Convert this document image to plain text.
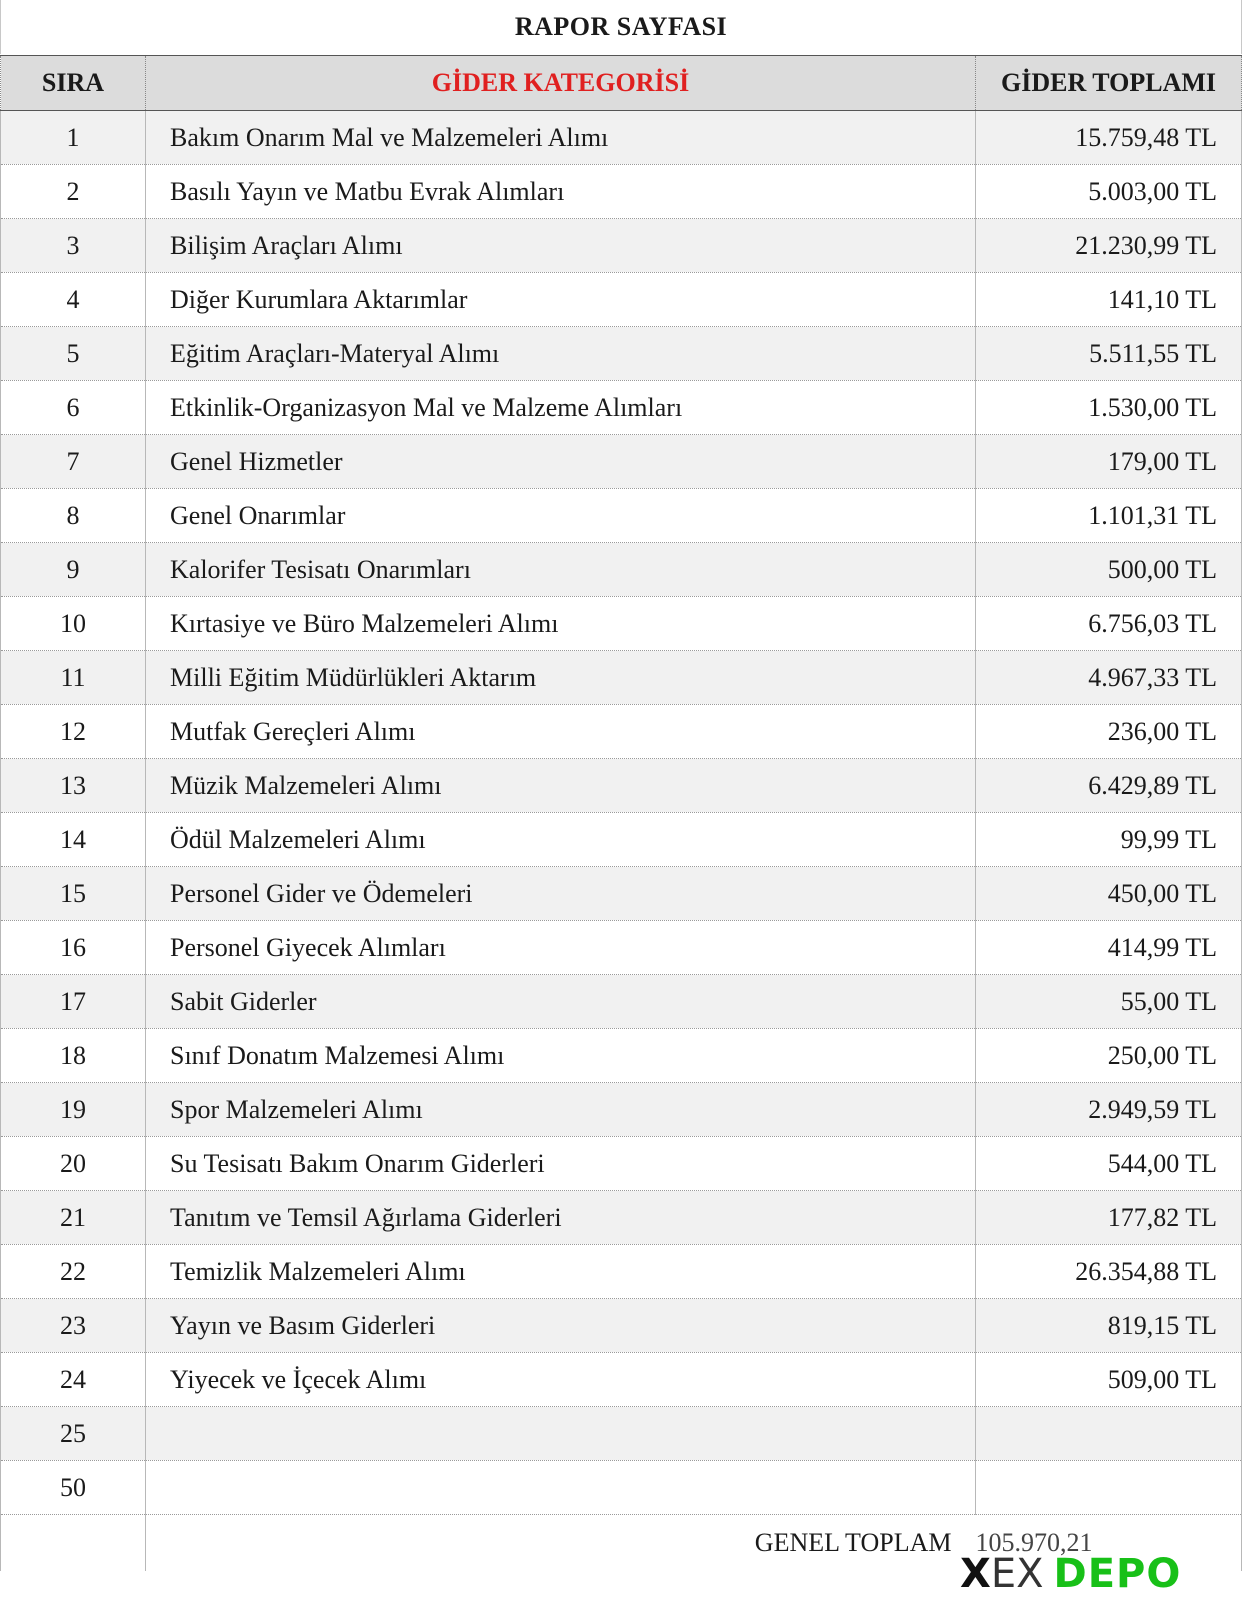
RAPOR SAYFASI
SIRA	GİDER KATEGORİSİ	GİDER TOPLAMI
1	Bakım Onarım Mal ve Malzemeleri Alımı	15.759,48 TL
2	Basılı Yayın ve Matbu Evrak Alımları	5.003,00 TL
3	Bilişim Araçları Alımı	21.230,99 TL
4	Diğer Kurumlara Aktarımlar	141,10 TL
5	Eğitim Araçları-Materyal Alımı	5.511,55 TL
6	Etkinlik-Organizasyon Mal ve Malzeme Alımları	1.530,00 TL
7	Genel Hizmetler	179,00 TL
8	Genel Onarımlar	1.101,31 TL
9	Kalorifer Tesisatı Onarımları	500,00 TL
10	Kırtasiye ve Büro Malzemeleri Alımı	6.756,03 TL
11	Milli Eğitim Müdürlükleri Aktarım	4.967,33 TL
12	Mutfak Gereçleri Alımı	236,00 TL
13	Müzik Malzemeleri Alımı	6.429,89 TL
14	Ödül Malzemeleri Alımı	99,99 TL
15	Personel Gider ve Ödemeleri	450,00 TL
16	Personel Giyecek Alımları	414,99 TL
17	Sabit Giderler	55,00 TL
18	Sınıf Donatım Malzemesi Alımı	250,00 TL
19	Spor Malzemeleri Alımı	2.949,59 TL
20	Su Tesisatı Bakım Onarım Giderleri	544,00 TL
21	Tanıtım ve Temsil Ağırlama Giderleri	177,82 TL
22	Temizlik Malzemeleri Alımı	26.354,88 TL
23	Yayın ve Basım Giderleri	819,15 TL
24	Yiyecek ve İçecek Alımı	509,00 TL
25		
50		
	GENEL TOPLAM	105.970,21
X EX DEPO
